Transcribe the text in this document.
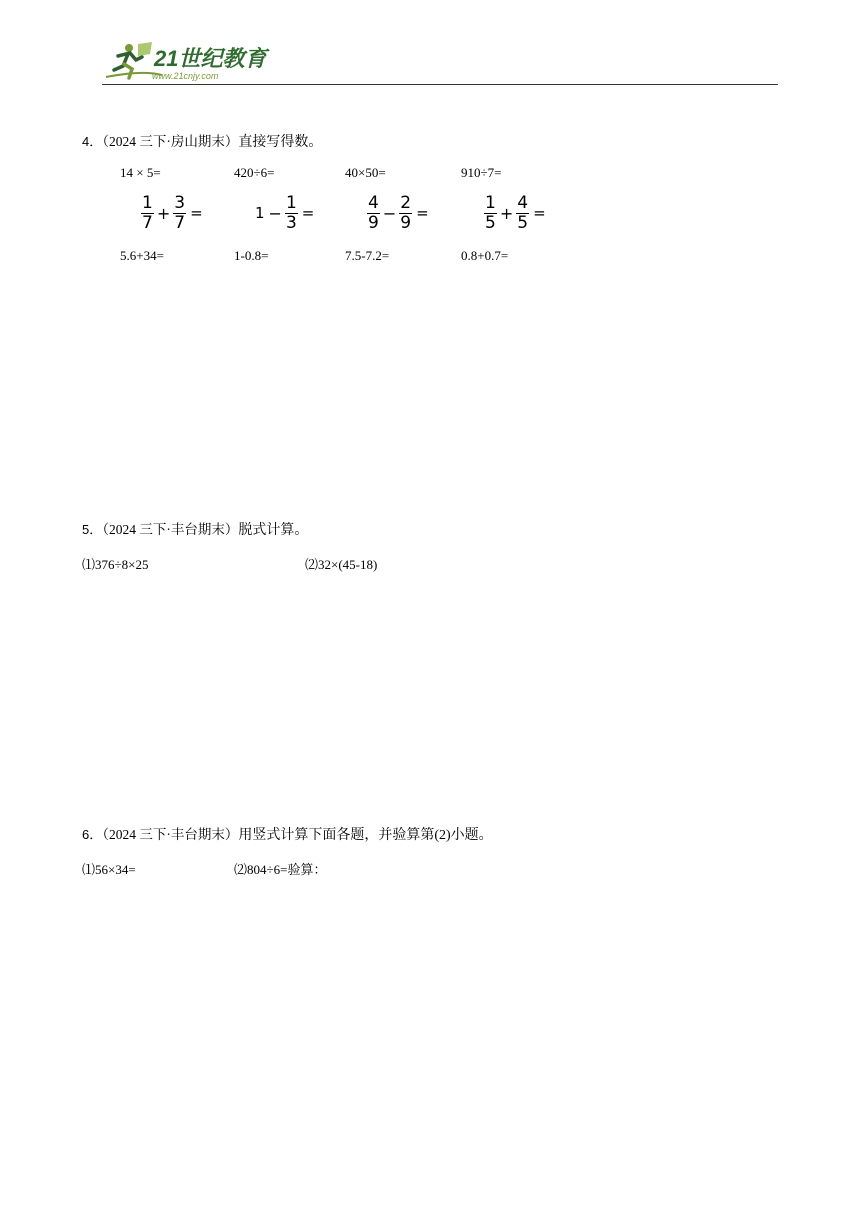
21世纪教育
www.21cnjy.com
4．（2024 三下·房山期末）直接写得数。
14 × 5=	420÷6=	40×50=	910÷7=
$\frac{1}{7} + \frac{3}{7}$ =	$1 - \frac{1}{3}$ =	$\frac{4}{9} - \frac{2}{9}$ =	$\frac{1}{5} + \frac{4}{5}$ =
5.6+34=	1-0.8=	7.5-7.2=	0.8+0.7=
5．（2024 三下·丰台期末）脱式计算。
⑴376÷8×25	⑵32×(45-18)
6．（2024 三下·丰台期末）用竖式计算下面各题，并验算第(2)小题。
⑴56×34=	⑵804÷6=验算：
